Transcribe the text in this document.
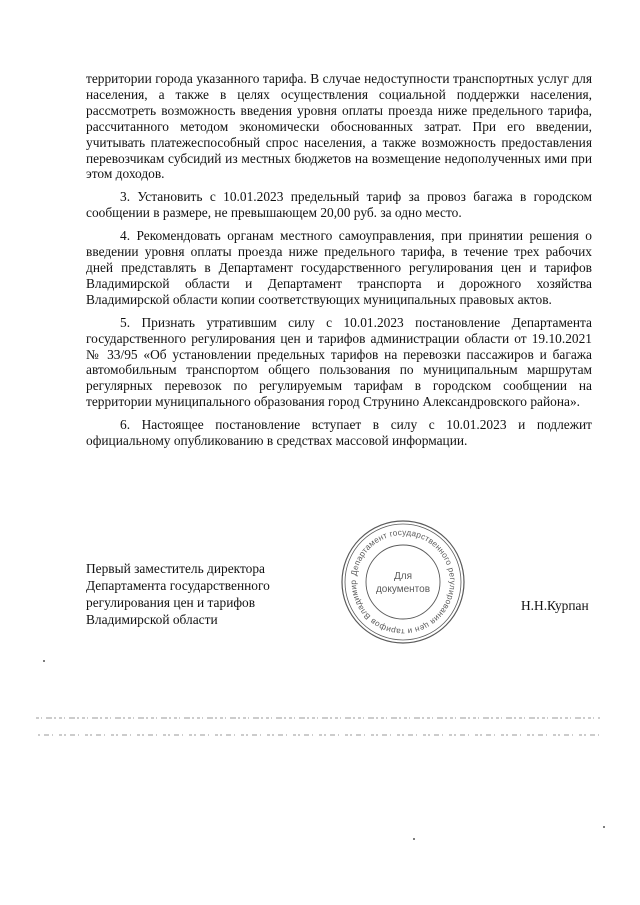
территории города указанного тарифа. В случае недоступности транспортных услуг для населения, а также в целях осуществления социальной поддержки населения, рассмотреть возможность введения уровня оплаты проезда ниже предельного тарифа, рассчитанного методом экономически обоснованных затрат. При его введении, учитывать платежеспособный спрос населения, а также возможность предоставления перевозчикам субсидий из местных бюджетов на возмещение недополученных ими при этом доходов.

3. Установить с 10.01.2023 предельный тариф за провоз багажа в городском сообщении в размере, не превышающем 20,00 руб. за одно место.

4. Рекомендовать органам местного самоуправления, при принятии решения о введении уровня оплаты проезда ниже предельного тарифа, в течение трех рабочих дней представлять в Департамент государственного регулирования цен и тарифов Владимирской области и Департамент транспорта и дорожного хозяйства Владимирской области копии соответствующих муниципальных правовых актов.

5. Признать утратившим силу с 10.01.2023 постановление Департамента государственного регулирования цен и тарифов администрации области от 19.10.2021 № 33/95 «Об установлении предельных тарифов на перевозки пассажиров и багажа автомобильным транспортом общего пользования по муниципальным маршрутам регулярных перевозок по регулируемым тарифам в городском сообщении на территории муниципального образования город Струнино Александровского района».

6. Настоящее постановление вступает в силу с 10.01.2023 и подлежит официальному опубликованию в средствах массовой информации.

Первый заместитель директора
Департамента государственного
регулирования цен и тарифов
Владимирской области
Департамент государственного регулирования цен и тарифов Владимир
Для
документов
Н.Н.Курпан
